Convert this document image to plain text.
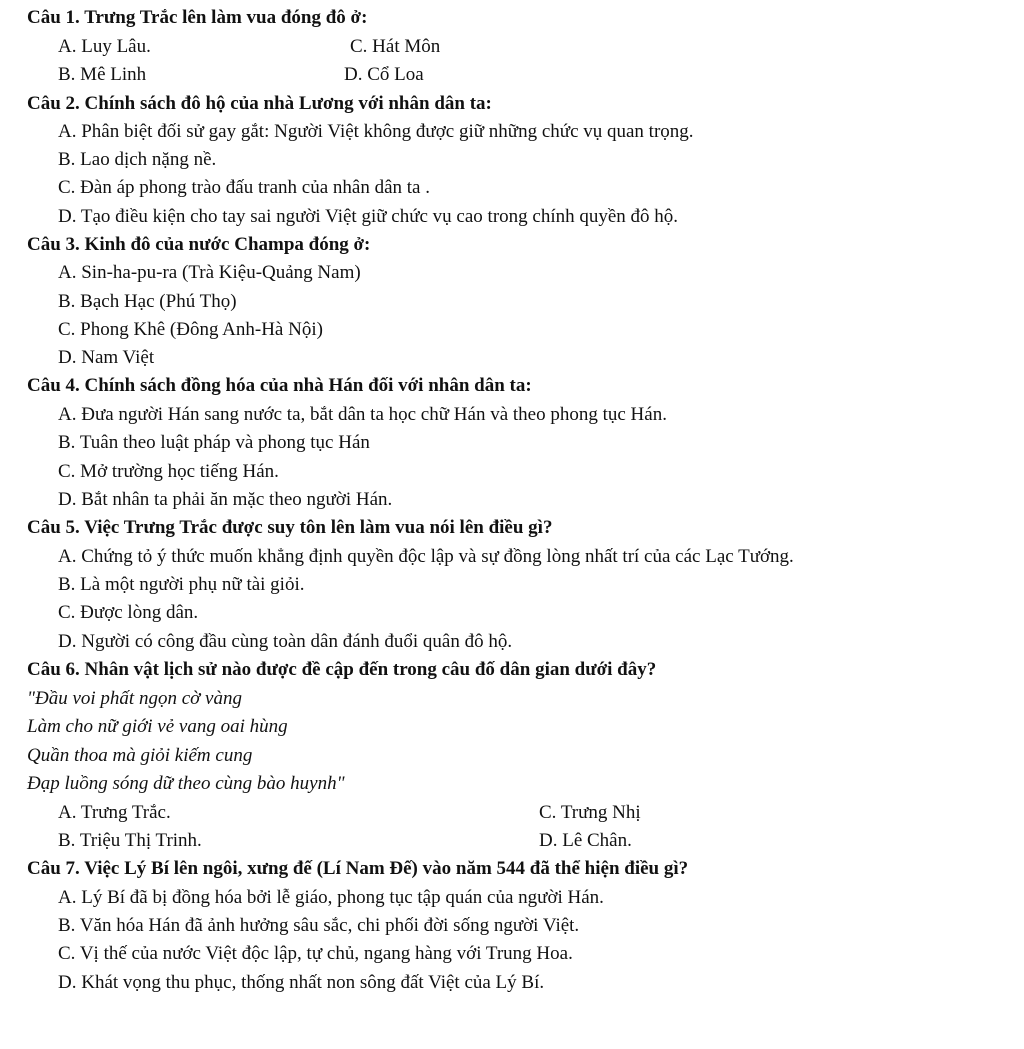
Câu 1. Trưng Trắc lên làm vua đóng đô ở:
A. Luy Lâu.	C. Hát Môn
B. Mê Linh	D. Cổ Loa
Câu 2. Chính sách đô hộ của nhà Lương với nhân dân ta:
A. Phân biệt đối sử gay gắt: Người Việt không được giữ những chức vụ quan trọng.
B. Lao dịch nặng nề.
C. Đàn áp phong trào đấu tranh của nhân dân ta .
D. Tạo điều kiện cho tay sai người Việt giữ chức vụ cao trong chính quyền đô hộ.
Câu 3. Kinh đô của nước Champa đóng ở:
A. Sin-ha-pu-ra (Trà Kiệu-Quảng Nam)
B. Bạch Hạc (Phú Thọ)
C. Phong Khê (Đông Anh-Hà Nội)
D. Nam Việt
Câu 4. Chính sách đồng hóa của nhà Hán đối với nhân dân ta:
A. Đưa người Hán sang nước ta, bắt dân ta học chữ Hán và theo phong tục Hán.
B. Tuân theo luật pháp và phong tục Hán
C. Mở trường học tiếng Hán.
D. Bắt nhân ta phải ăn mặc theo người Hán.
Câu 5. Việc Trưng Trắc được suy tôn lên làm vua nói lên điều gì?
A. Chứng tỏ ý thức muốn khẳng định quyền độc lập và sự đồng lòng nhất trí của các Lạc Tướng.
B. Là một người phụ nữ tài giỏi.
C. Được lòng dân.
D. Người có công đầu cùng toàn dân đánh đuổi quân đô hộ.
Câu 6. Nhân vật lịch sử nào được đề cập đến trong câu đố dân gian dưới đây?
"Đầu voi phất ngọn cờ vàng
Làm cho nữ giới vẻ vang oai hùng
Quần thoa mà giỏi kiếm cung
Đạp luồng sóng dữ theo cùng bào huynh"
A. Trưng Trắc.	C. Trưng Nhị
B. Triệu Thị Trinh.	D. Lê Chân.
Câu 7. Việc Lý Bí lên ngôi, xưng đế (Lí Nam Đế) vào năm 544 đã thể hiện điều gì?
A. Lý Bí đã bị đồng hóa bởi lễ giáo, phong tục tập quán của người Hán.
B. Văn hóa Hán đã ảnh hưởng sâu sắc, chi phối đời sống người Việt.
C. Vị thế của nước Việt độc lập, tự chủ, ngang hàng với Trung Hoa.
D. Khát vọng thu phục, thống nhất non sông đất Việt của Lý Bí.
